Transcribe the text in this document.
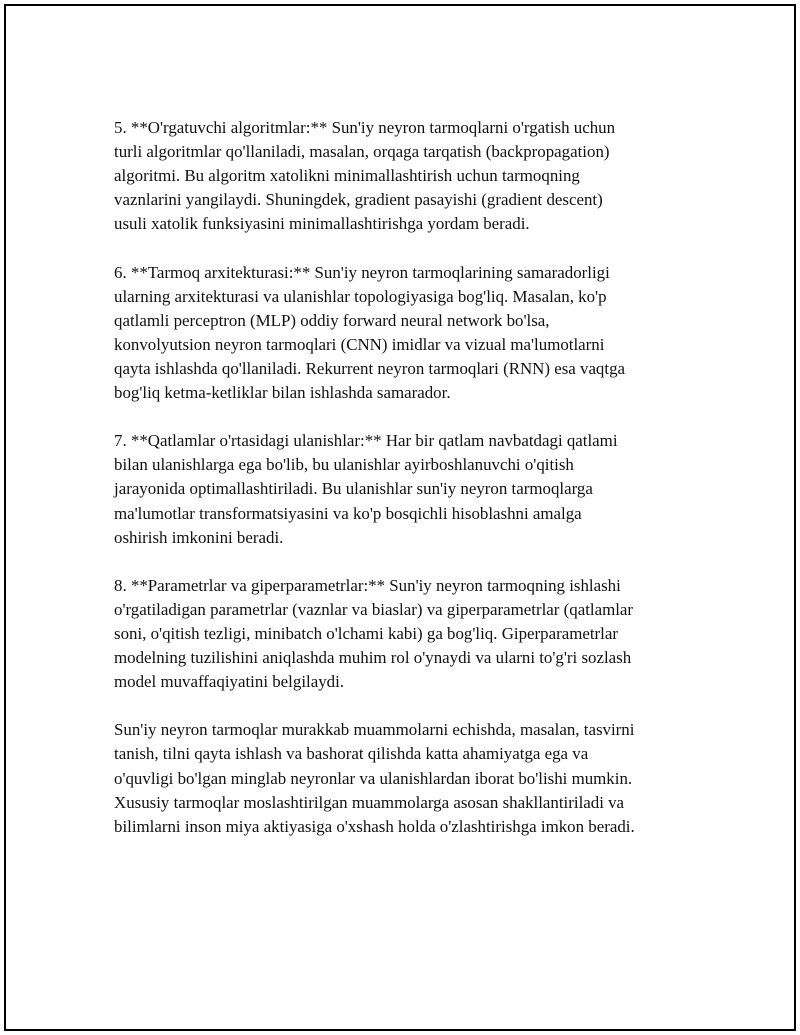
5. **O'rgatuvchi algoritmlar:** Sun'iy neyron tarmoqlarni o'rgatish uchun
turli algoritmlar qo'llaniladi, masalan, orqaga tarqatish (backpropagation)
algoritmi. Bu algoritm xatolikni minimallashtirish uchun tarmoqning
vaznlarini yangilaydi. Shuningdek, gradient pasayishi (gradient descent)
usuli xatolik funksiyasini minimallashtirishga yordam beradi.

6. **Tarmoq arxitekturasi:** Sun'iy neyron tarmoqlarining samaradorligi
ularning arxitekturasi va ulanishlar topologiyasiga bog'liq. Masalan, ko'p
qatlamli perceptron (MLP) oddiy forward neural network bo'lsa,
konvolyutsion neyron tarmoqlari (CNN) imidlar va vizual ma'lumotlarni
qayta ishlashda qo'llaniladi. Rekurrent neyron tarmoqlari (RNN) esa vaqtga
bog'liq ketma-ketliklar bilan ishlashda samarador.

7. **Qatlamlar o'rtasidagi ulanishlar:** Har bir qatlam navbatdagi qatlami
bilan ulanishlarga ega bo'lib, bu ulanishlar ayirboshlanuvchi o'qitish
jarayonida optimallashtiriladi. Bu ulanishlar sun'iy neyron tarmoqlarga
ma'lumotlar transformatsiyasini va ko'p bosqichli hisoblashni amalga
oshirish imkonini beradi.

8. **Parametrlar va giperparametrlar:** Sun'iy neyron tarmoqning ishlashi
o'rgatiladigan parametrlar (vaznlar va biaslar) va giperparametrlar (qatlamlar
soni, o'qitish tezligi, minibatch o'lchami kabi) ga bog'liq. Giperparametrlar
modelning tuzilishini aniqlashda muhim rol o'ynaydi va ularni to'g'ri sozlash
model muvaffaqiyatini belgilaydi.

Sun'iy neyron tarmoqlar murakkab muammolarni echishda, masalan, tasvirni
tanish, tilni qayta ishlash va bashorat qilishda katta ahamiyatga ega va
o'quvligi bo'lgan minglab neyronlar va ulanishlardan iborat bo'lishi mumkin.
Xususiy tarmoqlar moslashtirilgan muammolarga asosan shakllantiriladi va
bilimlarni inson miya aktiyasiga o'xshash holda o'zlashtirishga imkon beradi.
